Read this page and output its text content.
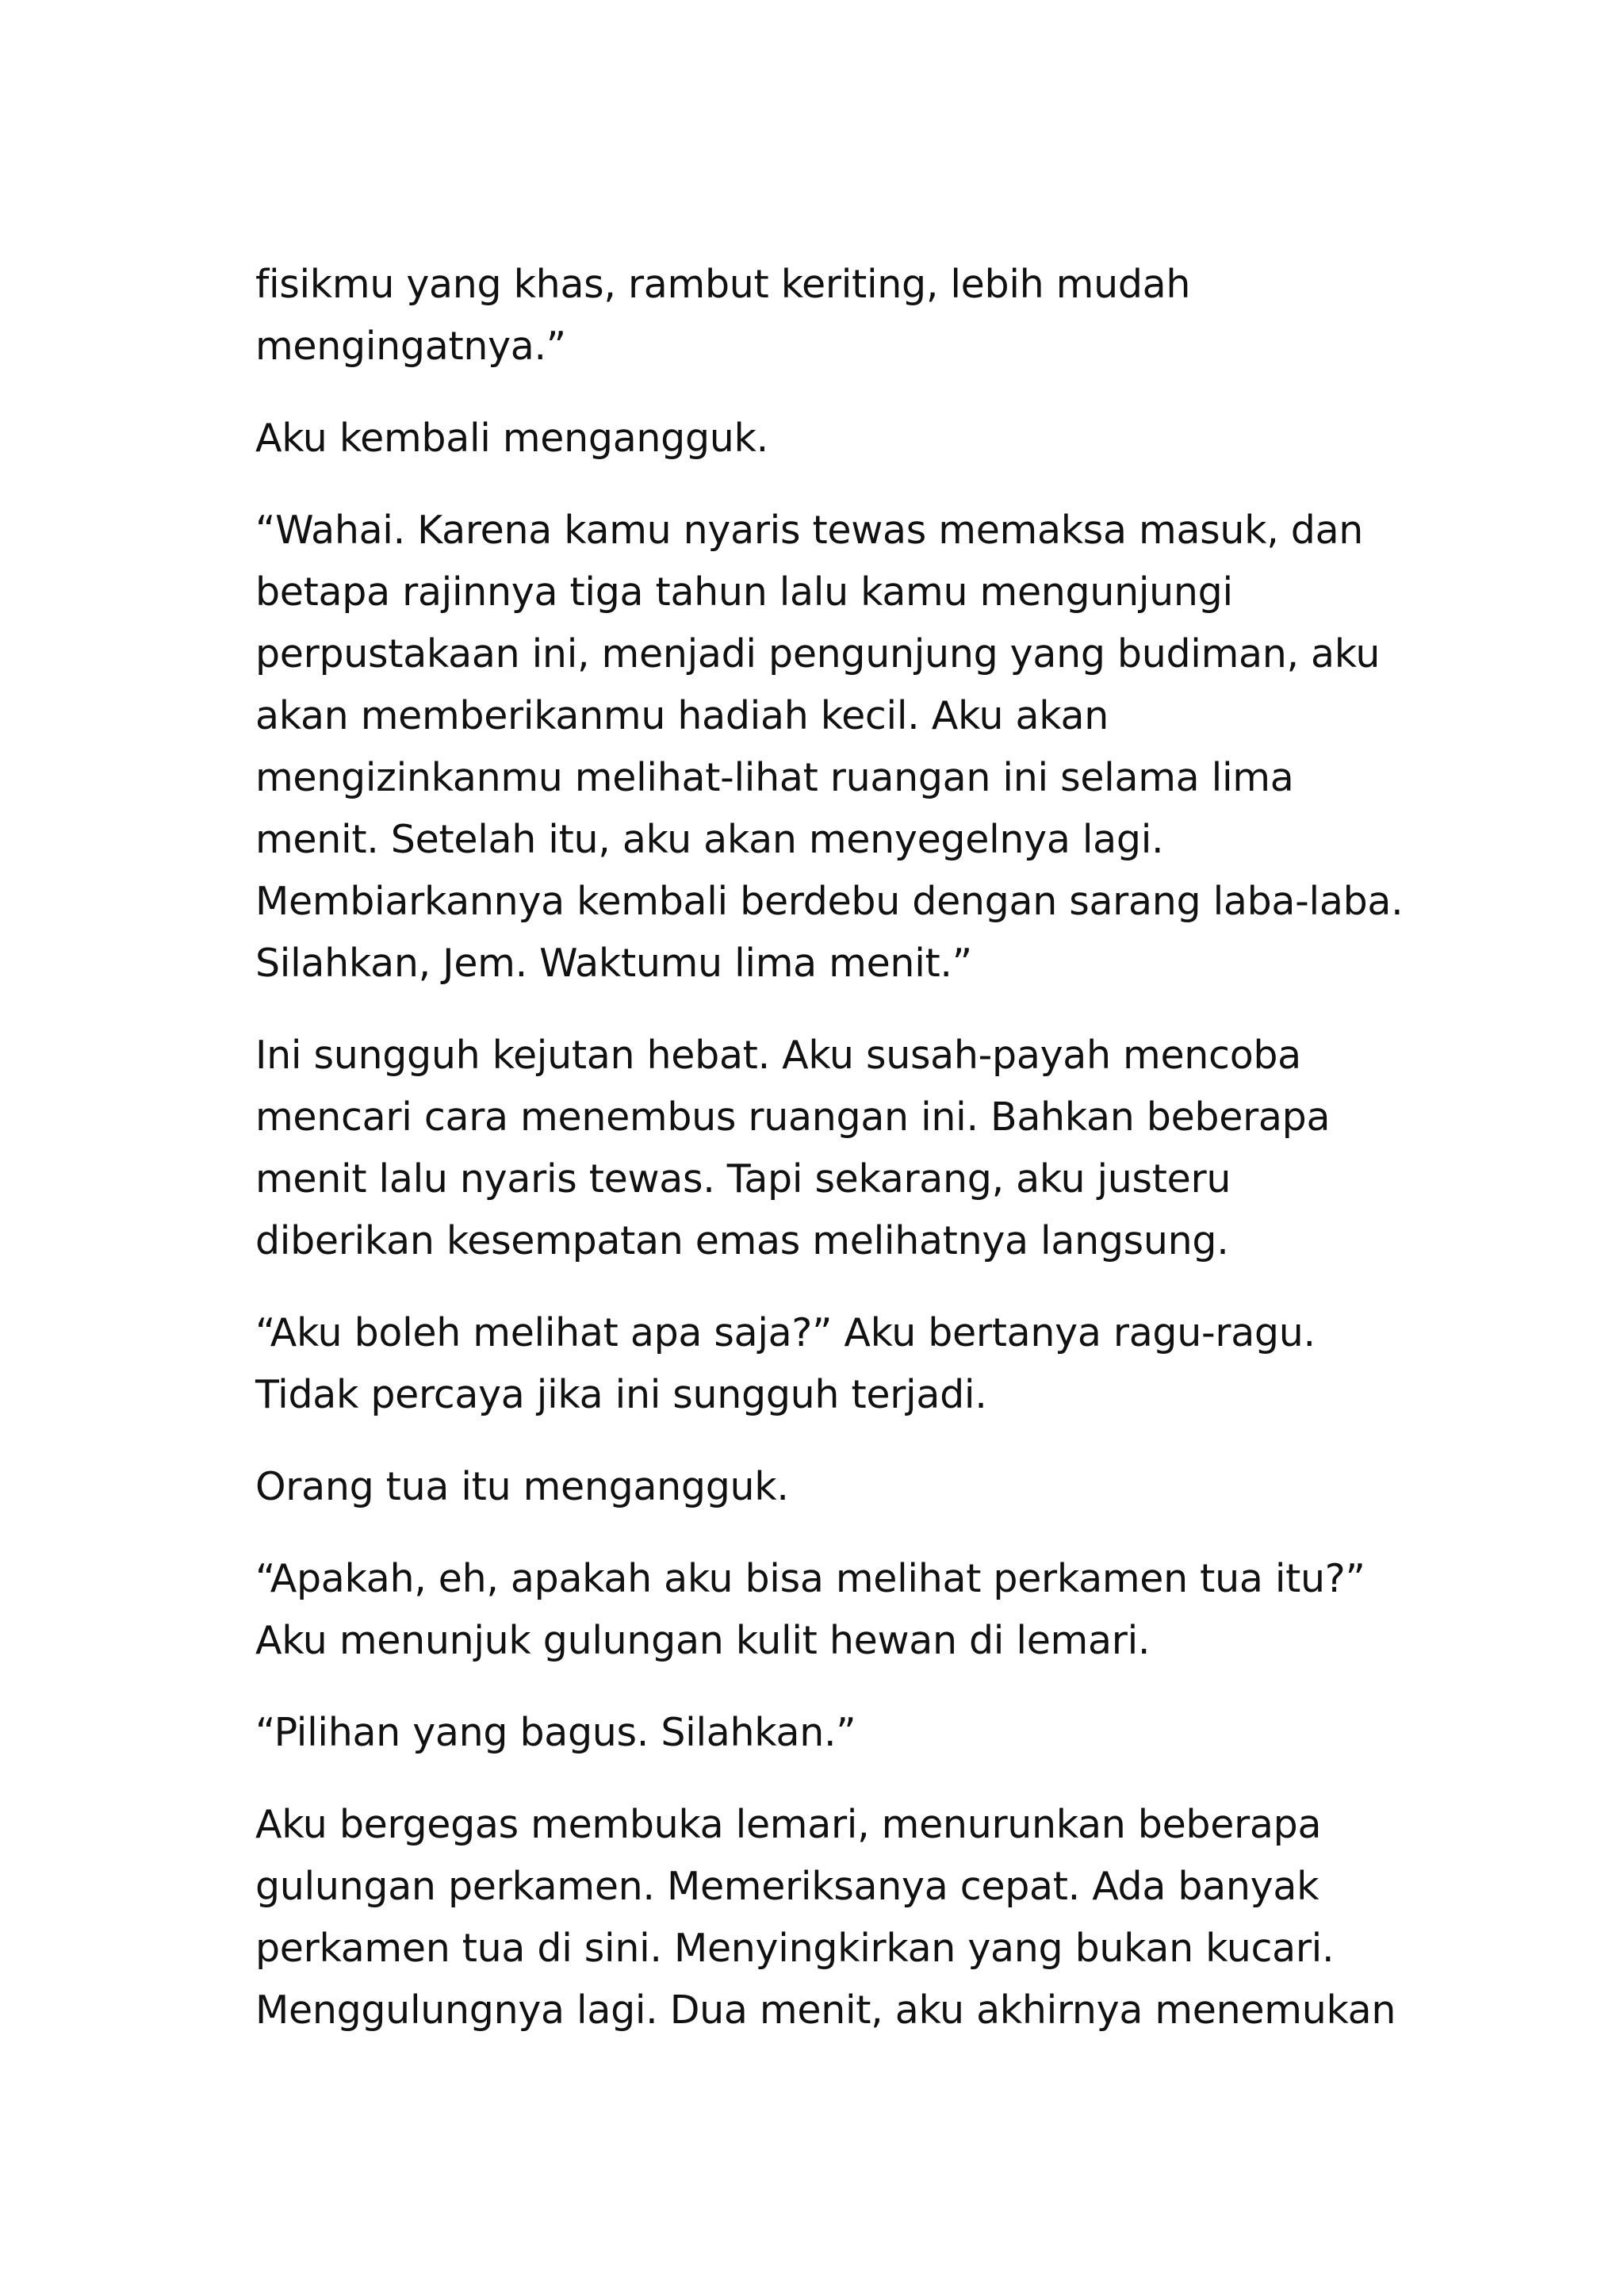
fisikmu yang khas, rambut keriting, lebih mudah
mengingatnya.”

Aku kembali mengangguk.

“Wahai. Karena kamu nyaris tewas memaksa masuk, dan
betapa rajinnya tiga tahun lalu kamu mengunjungi
perpustakaan ini, menjadi pengunjung yang budiman, aku
akan memberikanmu hadiah kecil. Aku akan
mengizinkanmu melihat-lihat ruangan ini selama lima
menit. Setelah itu, aku akan menyegelnya lagi.
Membiarkannya kembali berdebu dengan sarang laba-laba.
Silahkan, Jem. Waktumu lima menit.”

Ini sungguh kejutan hebat. Aku susah-payah mencoba
mencari cara menembus ruangan ini. Bahkan beberapa
menit lalu nyaris tewas. Tapi sekarang, aku justeru
diberikan kesempatan emas melihatnya langsung.

“Aku boleh melihat apa saja?” Aku bertanya ragu-ragu.
Tidak percaya jika ini sungguh terjadi.

Orang tua itu mengangguk.

“Apakah, eh, apakah aku bisa melihat perkamen tua itu?”
Aku menunjuk gulungan kulit hewan di lemari.

“Pilihan yang bagus. Silahkan.”

Aku bergegas membuka lemari, menurunkan beberapa
gulungan perkamen. Memeriksanya cepat. Ada banyak
perkamen tua di sini. Menyingkirkan yang bukan kucari.
Menggulungnya lagi. Dua menit, aku akhirnya menemukan
